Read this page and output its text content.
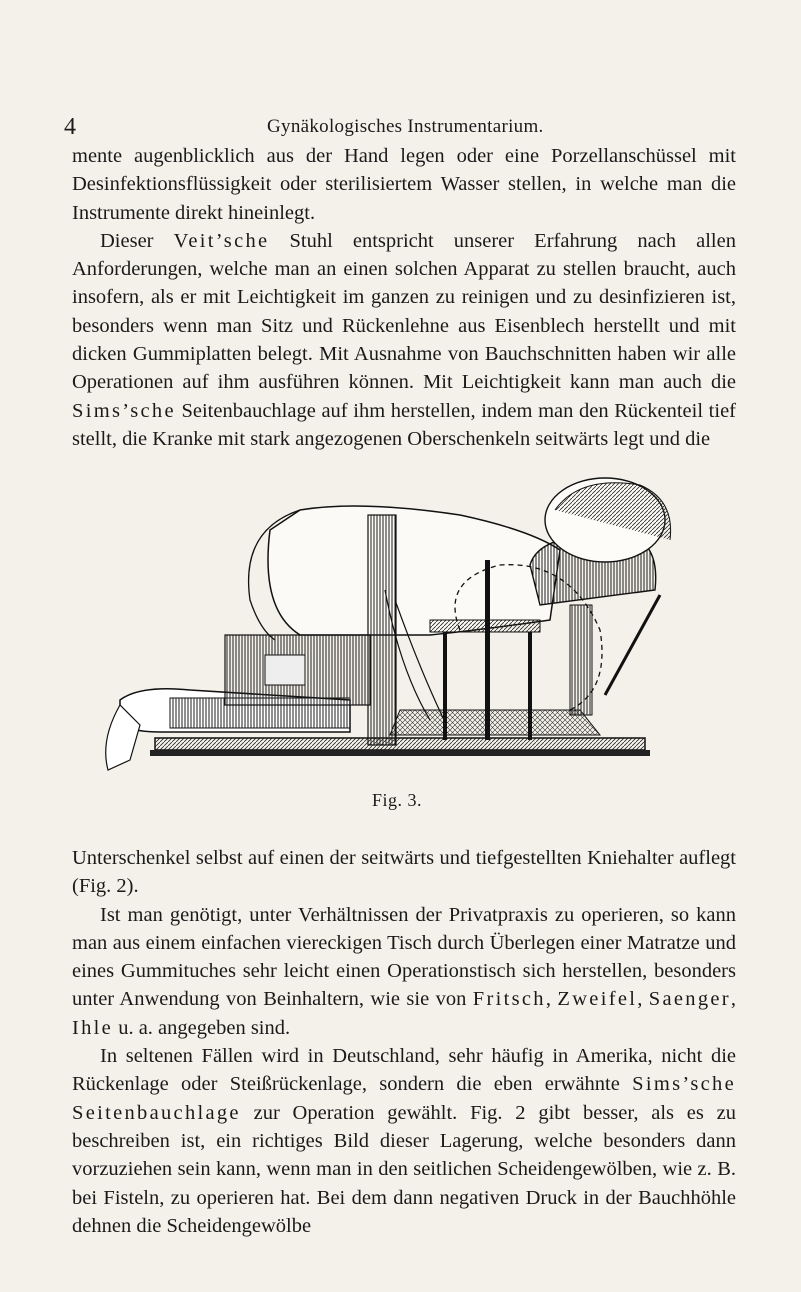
4	Gynäkologisches Instrumentarium.

mente augenblicklich aus der Hand legen oder eine Porzellanschüssel mit Desinfektionsflüssigkeit oder sterilisiertem Wasser stellen, in welche man die Instrumente direkt hineinlegt.

Dieser Veit’sche Stuhl entspricht unserer Erfahrung nach allen Anforderungen, welche man an einen solchen Apparat zu stellen braucht, auch insofern, als er mit Leichtigkeit im ganzen zu reinigen und zu desinfizieren ist, besonders wenn man Sitz und Rückenlehne aus Eisenblech herstellt und mit dicken Gummiplatten belegt. Mit Ausnahme von Bauchschnitten haben wir alle Operationen auf ihm ausführen können. Mit Leichtigkeit kann man auch die Sims’sche Seitenbauchlage auf ihm herstellen, indem man den Rückenteil tief stellt, die Kranke mit stark angezogenen Oberschenkeln seitwärts legt und die

Fig. 3.

Unterschenkel selbst auf einen der seitwärts und tiefgestellten Kniehalter auflegt (Fig. 2).

Ist man genötigt, unter Verhältnissen der Privatpraxis zu operieren, so kann man aus einem einfachen viereckigen Tisch durch Überlegen einer Matratze und eines Gummituches sehr leicht einen Operationstisch sich herstellen, besonders unter Anwendung von Beinhaltern, wie sie von Fritsch, Zweifel, Saenger, Ihle u. a. angegeben sind.

In seltenen Fällen wird in Deutschland, sehr häufig in Amerika, nicht die Rückenlage oder Steißrückenlage, sondern die eben erwähnte Sims’sche Seitenbauchlage zur Operation gewählt. Fig. 2 gibt besser, als es zu beschreiben ist, ein richtiges Bild dieser Lagerung, welche besonders dann vorzuziehen sein kann, wenn man in den seitlichen Scheidengewölben, wie z. B. bei Fisteln, zu operieren hat. Bei dem dann negativen Druck in der Bauchhöhle dehnen die Scheidengewölbe
